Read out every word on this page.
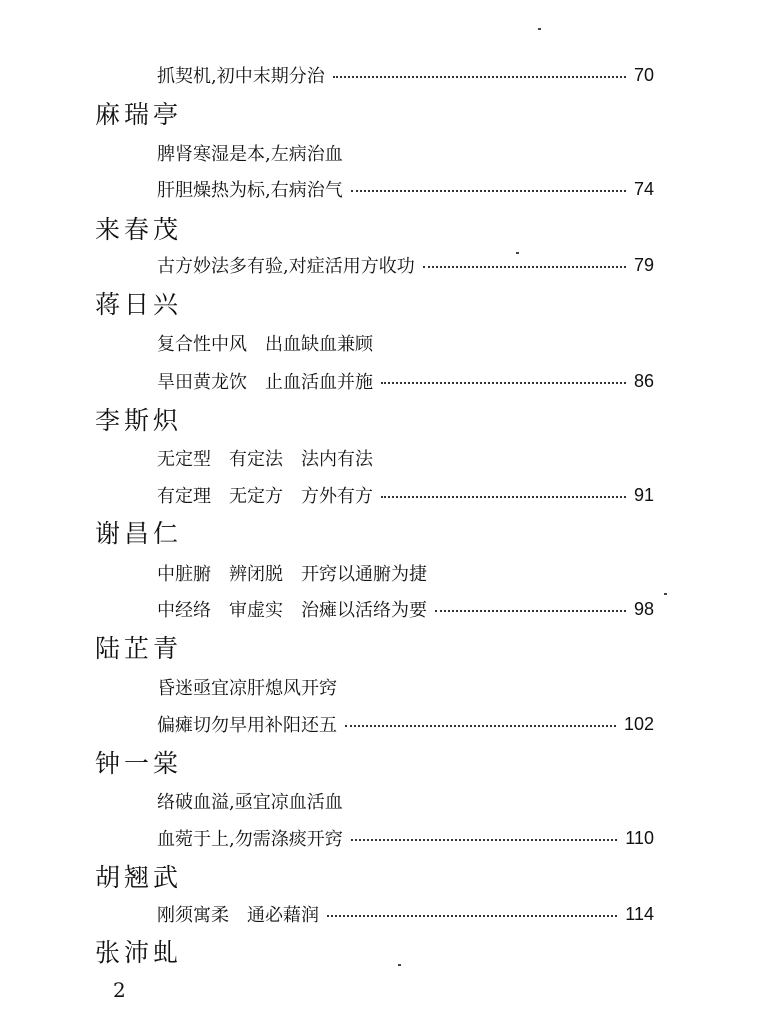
抓契机,初中末期分治	70
麻瑞亭
脾肾寒湿是本,左病治血
肝胆燥热为标,右病治气	74
来春茂
古方妙法多有验,对症活用方收功	79
蒋日兴
复合性中风　出血缺血兼顾
旱田黄龙饮　止血活血并施	86
李斯炽
无定型　有定法　法内有法
有定理　无定方　方外有方	91
谢昌仁
中脏腑　辨闭脱　开窍以通腑为捷
中经络　审虚实　治瘫以活络为要	98
陆芷青
昏迷亟宜凉肝熄风开窍
偏瘫切勿早用补阳还五	102
钟一棠
络破血溢,亟宜凉血活血
血菀于上,勿需涤痰开窍	110
胡翘武
刚须寓柔　通必藉润	114
张沛虬
2
